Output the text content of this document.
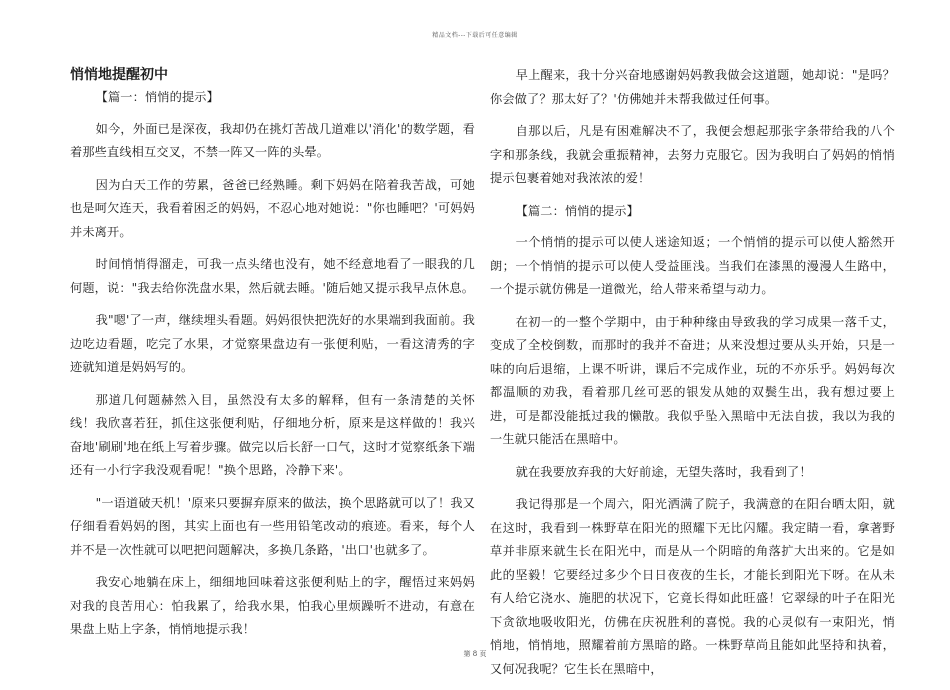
精品文档---下载后可任意编辑
悄悄地提醒初中

【篇一：悄悄的提示】

如今，外面已是深夜，我却仍在挑灯苦战几道难以'消化'的数学题，看着那些直线相互交叉，不禁一阵又一阵的头晕。

因为白天工作的劳累，爸爸已经熟睡。剩下妈妈在陪着我苦战，可她也是呵欠连天，我看着困乏的妈妈，不忍心地对她说："你也睡吧？'可妈妈并未离开。

时间悄悄得溜走，可我一点头绪也没有，她不经意地看了一眼我的几何题，说："我去给你洗盘水果，然后就去睡。'随后她又提示我早点休息。

我"嗯'了一声，继续埋头看题。妈妈很快把洗好的水果端到我面前。我边吃边看题，吃完了水果，才觉察果盘边有一张便利贴，一看这清秀的字迹就知道是妈妈写的。

那道几何题赫然入目，虽然没有太多的解释，但有一条清楚的关怀线！我欣喜若狂，抓住这张便利贴，仔细地分析，原来是这样做的！我兴奋地'刷刷'地在纸上写着步骤。做完以后长舒一口气，这时才觉察纸条下端还有一小行字我没观看呢！"换个思路，冷静下来'。

"一语道破天机！'原来只要摒弃原来的做法，换个思路就可以了！我又仔细看看妈妈的图，其实上面也有一些用铅笔改动的痕迹。看来，每个人并不是一次性就可以吧把问题解决，多换几条路，'出口'也就多了。

我安心地躺在床上，细细地回味着这张便利贴上的字，醒悟过来妈妈对我的良苦用心：怕我累了，给我水果，怕我心里烦躁听不进动，有意在果盘上贴上字条，悄悄地提示我！

早上醒来，我十分兴奋地感谢妈妈教我做会这道题，她却说："是吗？你会做了？那太好了？'仿佛她并未帮我做过任何事。

自那以后，凡是有困难解决不了，我便会想起那张字条带给我的八个字和那条线，我就会重振精神，去努力克服它。因为我明白了妈妈的悄悄提示包裹着她对我浓浓的爱！

【篇二：悄悄的提示】

一个悄悄的提示可以使人迷途知返；一个悄悄的提示可以使人豁然开朗；一个悄悄的提示可以使人受益匪浅。当我们在漆黑的漫漫人生路中，一个提示就仿佛是一道微光，给人带来希望与动力。

在初一的一整个学期中，由于种种缘由导致我的学习成果一落千丈，变成了全校倒数，而那时的我并不奋进；从来没想过要从头开始，只是一味的向后退缩，上课不听讲，课后不完成作业，玩的不亦乐乎。妈妈每次都温顺的劝我，看着那几丝可恶的银发从她的双鬓生出，我有想过要上进，可是都没能抵过我的懒散。我似乎坠入黑暗中无法自拔，我以为我的一生就只能活在黑暗中。

就在我要放弃我的大好前途，无望失落时，我看到了！

我记得那是一个周六，阳光洒满了院子，我满意的在阳台晒太阳，就在这时，我看到一株野草在阳光的照耀下无比闪耀。我定睛一看，拿著野草并非原来就生长在阳光中，而是从一个阴暗的角落扩大出来的。它是如此的坚毅！它要经过多少个日日夜夜的生长，才能长到阳光下呀。在从未有人给它浇水、施肥的状况下，它竟长得如此旺盛！它翠绿的叶子在阳光下贪欲地吸收阳光，仿佛在庆祝胜利的喜悦。我的心灵似有一束阳光，悄悄地，悄悄地，照耀着前方黑暗的路。一株野草尚且能如此坚持和执着，又何况我呢？它生长在黑暗中，

第 8 页
